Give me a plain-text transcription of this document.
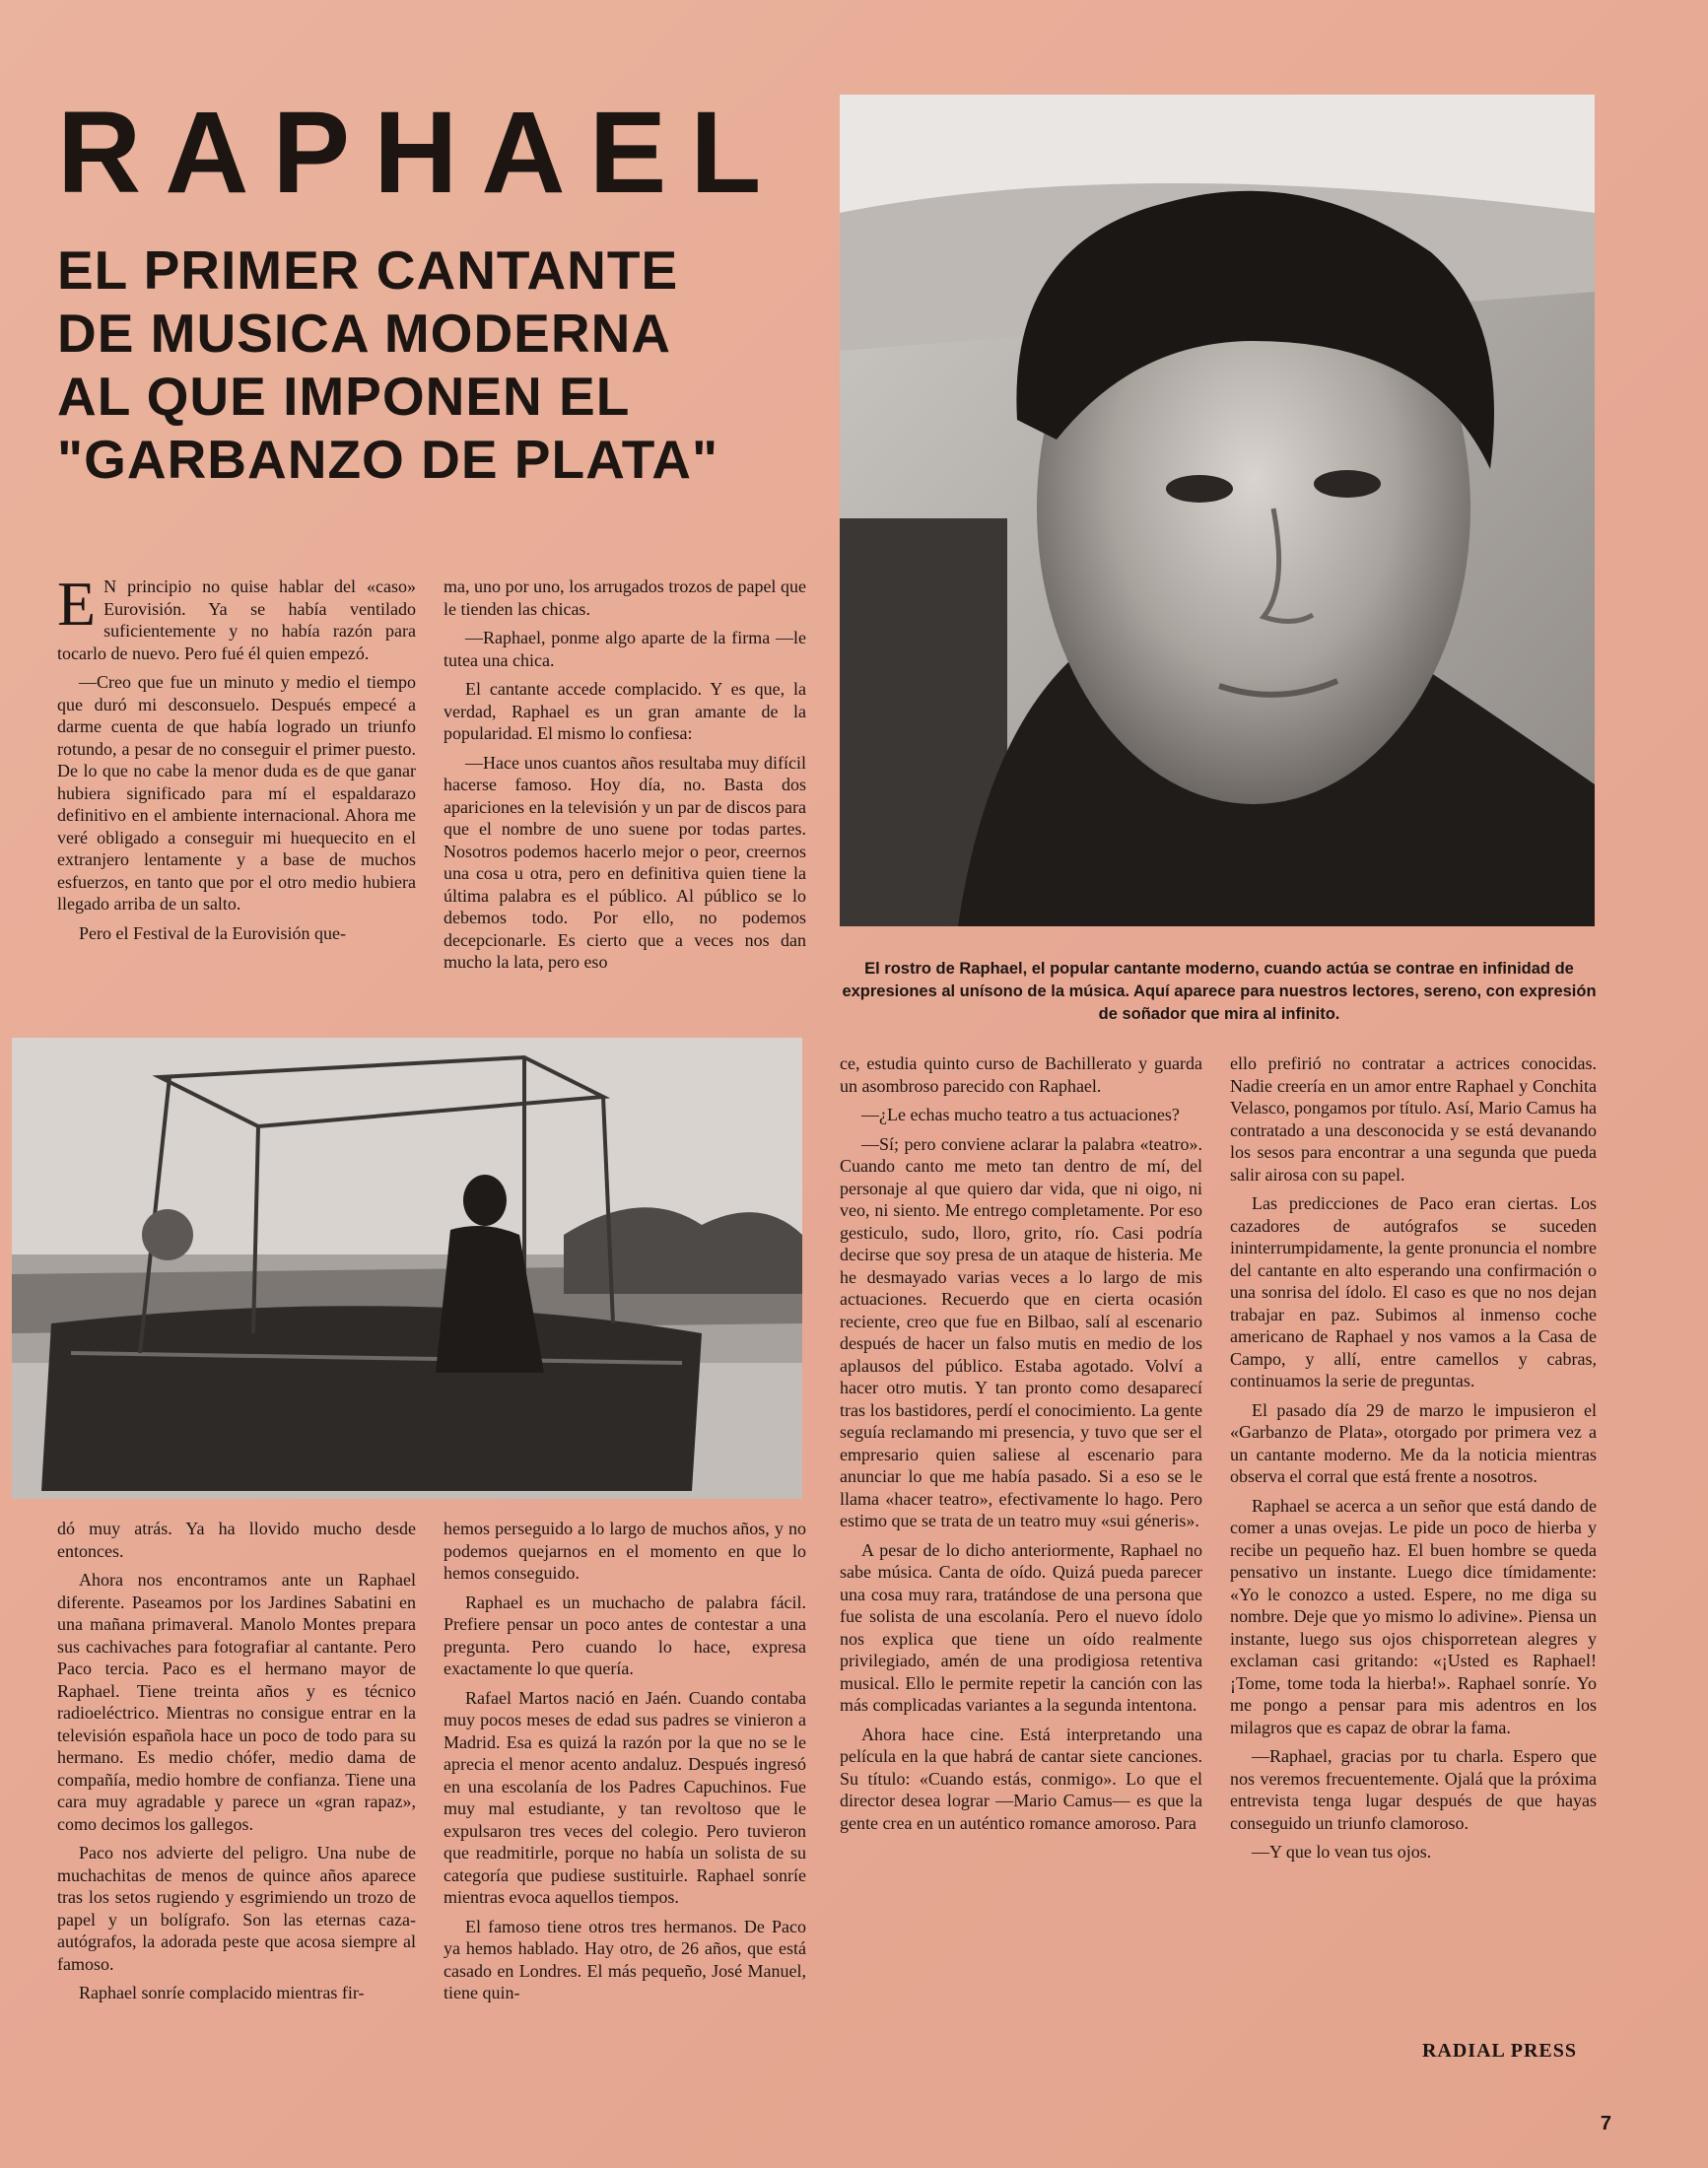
RAPHAEL
EL PRIMER CANTANTE
DE MUSICA MODERNA
AL QUE IMPONEN EL
"GARBANZO DE PLATA"

El rostro de Raphael, el popular cantante moderno, cuando actúa se contrae en infinidad de expresiones al unísono de la música. Aquí aparece para nuestros lectores, sereno, con expresión de soñador que mira al infinito.

E N principio no quise hablar del «caso» Eurovisión. Ya se había ventilado suficientemente y no había razón para tocarlo de nuevo. Pero fué él quien empezó.

—Creo que fue un minuto y medio el tiempo que duró mi desconsuelo. Después empecé a darme cuenta de que había logrado un triunfo rotundo, a pesar de no conseguir el primer puesto. De lo que no cabe la menor duda es de que ganar hubiera significado para mí el espaldarazo definitivo en el ambiente internacional. Ahora me veré obligado a conseguir mi huequecito en el extranjero lentamente y a base de muchos esfuerzos, en tanto que por el otro medio hubiera llegado arriba de un salto.

Pero el Festival de la Eurovisión que-

ma, uno por uno, los arrugados trozos de papel que le tienden las chicas.

—Raphael, ponme algo aparte de la firma —le tutea una chica.

El cantante accede complacido. Y es que, la verdad, Raphael es un gran amante de la popularidad. El mismo lo confiesa:

—Hace unos cuantos años resultaba muy difícil hacerse famoso. Hoy día, no. Basta dos apariciones en la televisión y un par de discos para que el nombre de uno suene por todas partes. Nosotros podemos hacerlo mejor o peor, creernos una cosa u otra, pero en definitiva quien tiene la última palabra es el público. Al público se lo debemos todo. Por ello, no podemos decepcionarle. Es cierto que a veces nos dan mucho la lata, pero eso

dó muy atrás. Ya ha llovido mucho desde entonces.

Ahora nos encontramos ante un Raphael diferente. Paseamos por los Jardines Sabatini en una mañana primaveral. Manolo Montes prepara sus cachivaches para fotografiar al cantante. Pero Paco tercia. Paco es el hermano mayor de Raphael. Tiene treinta años y es técnico radioeléctrico. Mientras no consigue entrar en la televisión española hace un poco de todo para su hermano. Es medio chófer, medio dama de compañía, medio hombre de confianza. Tiene una cara muy agradable y parece un «gran rapaz», como decimos los gallegos.

Paco nos advierte del peligro. Una nube de muchachitas de menos de quince años aparece tras los setos rugiendo y esgrimiendo un trozo de papel y un bolígrafo. Son las eternas caza-autógrafos, la adorada peste que acosa siempre al famoso.

Raphael sonríe complacido mientras fir-

hemos perseguido a lo largo de muchos años, y no podemos quejarnos en el momento en que lo hemos conseguido.

Raphael es un muchacho de palabra fácil. Prefiere pensar un poco antes de contestar a una pregunta. Pero cuando lo hace, expresa exactamente lo que quería.

Rafael Martos nació en Jaén. Cuando contaba muy pocos meses de edad sus padres se vinieron a Madrid. Esa es quizá la razón por la que no se le aprecia el menor acento andaluz. Después ingresó en una escolanía de los Padres Capuchinos. Fue muy mal estudiante, y tan revoltoso que le expulsaron tres veces del colegio. Pero tuvieron que readmitirle, porque no había un solista de su categoría que pudiese sustituirle. Raphael sonríe mientras evoca aquellos tiempos.

El famoso tiene otros tres hermanos. De Paco ya hemos hablado. Hay otro, de 26 años, que está casado en Londres. El más pequeño, José Manuel, tiene quin-

ce, estudia quinto curso de Bachillerato y guarda un asombroso parecido con Raphael.

—¿Le echas mucho teatro a tus actuaciones?

—Sí; pero conviene aclarar la palabra «teatro». Cuando canto me meto tan dentro de mí, del personaje al que quiero dar vida, que ni oigo, ni veo, ni siento. Me entrego completamente. Por eso gesticulo, sudo, lloro, grito, río. Casi podría decirse que soy presa de un ataque de histeria. Me he desmayado varias veces a lo largo de mis actuaciones. Recuerdo que en cierta ocasión reciente, creo que fue en Bilbao, salí al escenario después de hacer un falso mutis en medio de los aplausos del público. Estaba agotado. Volví a hacer otro mutis. Y tan pronto como desaparecí tras los bastidores, perdí el conocimiento. La gente seguía reclamando mi presencia, y tuvo que ser el empresario quien saliese al escenario para anunciar lo que me había pasado. Si a eso se le llama «hacer teatro», efectivamente lo hago. Pero estimo que se trata de un teatro muy «sui géneris».

A pesar de lo dicho anteriormente, Raphael no sabe música. Canta de oído. Quizá pueda parecer una cosa muy rara, tratándose de una persona que fue solista de una escolanía. Pero el nuevo ídolo nos explica que tiene un oído realmente privilegiado, amén de una prodigiosa retentiva musical. Ello le permite repetir la canción con las más complicadas variantes a la segunda intentona.

Ahora hace cine. Está interpretando una película en la que habrá de cantar siete canciones. Su título: «Cuando estás, conmigo». Lo que el director desea lograr —Mario Camus— es que la gente crea en un auténtico romance amoroso. Para

ello prefirió no contratar a actrices conocidas. Nadie creería en un amor entre Raphael y Conchita Velasco, pongamos por título. Así, Mario Camus ha contratado a una desconocida y se está devanando los sesos para encontrar a una segunda que pueda salir airosa con su papel.

Las predicciones de Paco eran ciertas. Los cazadores de autógrafos se suceden ininterrumpidamente, la gente pronuncia el nombre del cantante en alto esperando una confirmación o una sonrisa del ídolo. El caso es que no nos dejan trabajar en paz. Subimos al inmenso coche americano de Raphael y nos vamos a la Casa de Campo, y allí, entre camellos y cabras, continuamos la serie de preguntas.

El pasado día 29 de marzo le impusieron el «Garbanzo de Plata», otorgado por primera vez a un cantante moderno. Me da la noticia mientras observa el corral que está frente a nosotros.

Raphael se acerca a un señor que está dando de comer a unas ovejas. Le pide un poco de hierba y recibe un pequeño haz. El buen hombre se queda pensativo un instante. Luego dice tímidamente: «Yo le conozco a usted. Espere, no me diga su nombre. Deje que yo mismo lo adivine». Piensa un instante, luego sus ojos chisporretean alegres y exclaman casi gritando: «¡Usted es Raphael! ¡Tome, tome toda la hierba!». Raphael sonríe. Yo me pongo a pensar para mis adentros en los milagros que es capaz de obrar la fama.

—Raphael, gracias por tu charla. Espero que nos veremos frecuentemente. Ojalá que la próxima entrevista tenga lugar después de que hayas conseguido un triunfo clamoroso.

—Y que lo vean tus ojos.

RADIAL PRESS
7
